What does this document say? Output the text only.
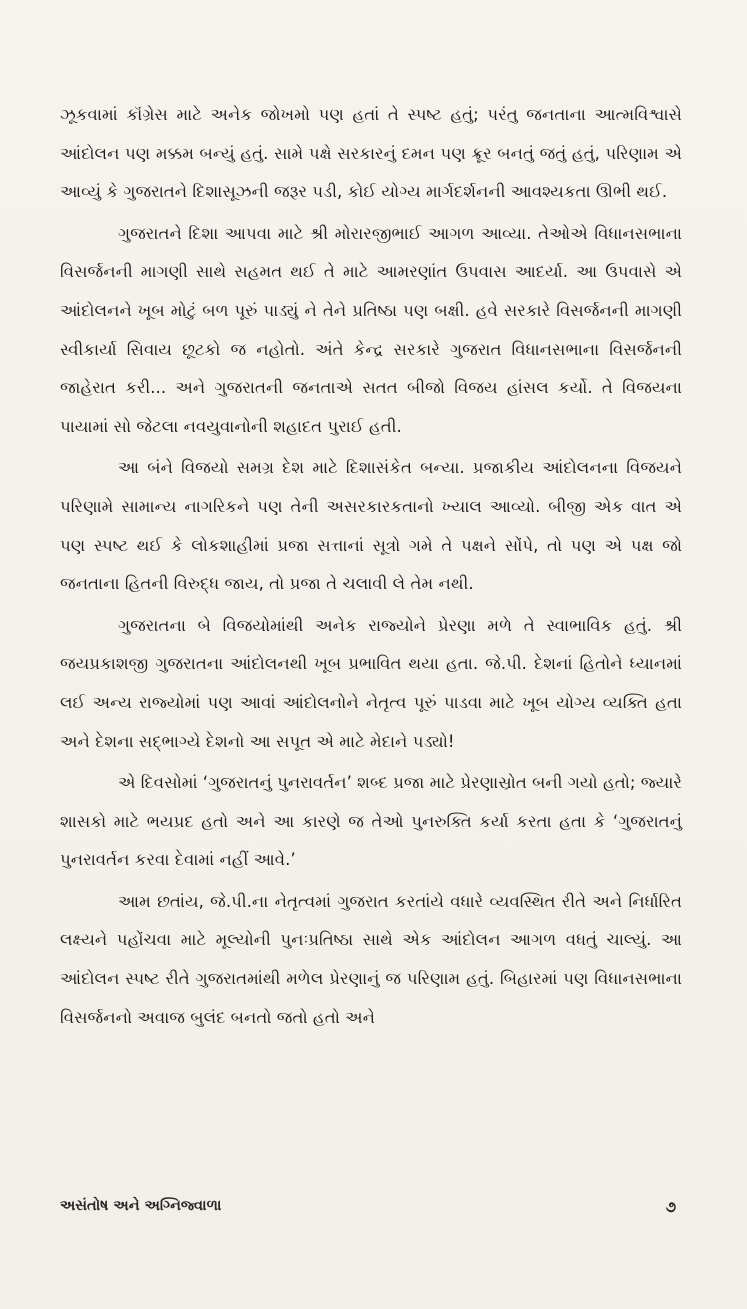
ઝૂકવામાં કૉંગ્રેસ માટે અનેક જોખમો પણ હતાં તે સ્પષ્ટ હતું; પરંતુ જનતાના આત્મવિશ્વાસે આંદોલન પણ મક્કમ બન્યું હતું. સામે પક્ષે સરકારનું દમન પણ ક્રૂર બનતું જતું હતું, પરિણામ એ આવ્યું કે ગુજરાતને દિશાસૂઝની જરૂર પડી, કોઈ યોગ્ય માર્ગદર્શનની આવશ્યકતા ઊભી થઈ.

ગુજરાતને દિશા આપવા માટે શ્રી મોરારજીભાઈ આગળ આવ્યા. તેઓએ વિધાનસભાના વિસર્જનની માગણી સાથે સહમત થઈ તે માટે આમરણાંત ઉપવાસ આદર્યા. આ ઉપવાસે એ આંદોલનને ખૂબ મોટું બળ પૂરું પાડ્યું ને તેને પ્રતિષ્ઠા પણ બક્ષી. હવે સરકારે વિસર્જનની માગણી સ્વીકાર્યા સિવાય છૂટકો જ નહોતો. અંતે કેન્દ્ર સરકારે ગુજરાત વિધાનસભાના વિસર્જનની જાહેરાત કરી... અને ગુજરાતની જનતાએ સતત બીજો વિજય હાંસલ કર્યો. તે વિજયના પાયામાં સો જેટલા નવયુવાનોની શહાદત પુરાઈ હતી.

આ બંને વિજયો સમગ્ર દેશ માટે દિશાસંકેત બન્યા. પ્રજાકીય આંદોલનના વિજયને પરિણામે સામાન્ય નાગરિકને પણ તેની અસરકારકતાનો ખ્યાલ આવ્યો. બીજી એક વાત એ પણ સ્પષ્ટ થઈ કે લોકશાહીમાં પ્રજા સત્તાનાં સૂત્રો ગમે તે પક્ષને સોંપે, તો પણ એ પક્ષ જો જનતાના હિતની વિરુદ્ધ જાય, તો પ્રજા તે ચલાવી લે તેમ નથી.

ગુજરાતના બે વિજયોમાંથી અનેક રાજ્યોને પ્રેરણા મળે તે સ્વાભાવિક હતું. શ્રી જયપ્રકાશજી ગુજરાતના આંદોલનથી ખૂબ પ્રભાવિત થયા હતા. જે.પી. દેશનાં હિતોને ધ્યાનમાં લઈ અન્ય રાજ્યોમાં પણ આવાં આંદોલનોને નેતૃત્વ પૂરું પાડવા માટે ખૂબ યોગ્ય વ્યક્તિ હતા અને દેશના સદ્ભાગ્યે દેશનો આ સપૂત એ માટે મેદાને પડ્યો!

એ દિવસોમાં ‘ગુજરાતનું પુનરાવર્તન’ શબ્દ પ્રજા માટે પ્રેરણાસ્રોત બની ગયો હતો; જ્યારે શાસકો માટે ભયપ્રદ હતો અને આ કારણે જ તેઓ પુનરુક્તિ કર્યા કરતા હતા કે ‘ગુજરાતનું પુનરાવર્તન કરવા દેવામાં નહીં આવે.’

આમ છતાંય, જે.પી.ના નેતૃત્વમાં ગુજરાત કરતાંયે વધારે વ્યવસ્થિત રીતે અને નિર્ધારિત લક્ષ્યને પહોંચવા માટે મૂલ્યોની પુનઃપ્રતિષ્ઠા સાથે એક આંદોલન આગળ વધતું ચાલ્યું. આ આંદોલન સ્પષ્ટ રીતે ગુજરાતમાંથી મળેલ પ્રેરણાનું જ પરિણામ હતું. બિહારમાં પણ વિધાનસભાના વિસર્જનનો અવાજ બુલંદ બનતો જતો હતો અને

અસંતોષ અને અગ્નિજ્વાળા	૭
